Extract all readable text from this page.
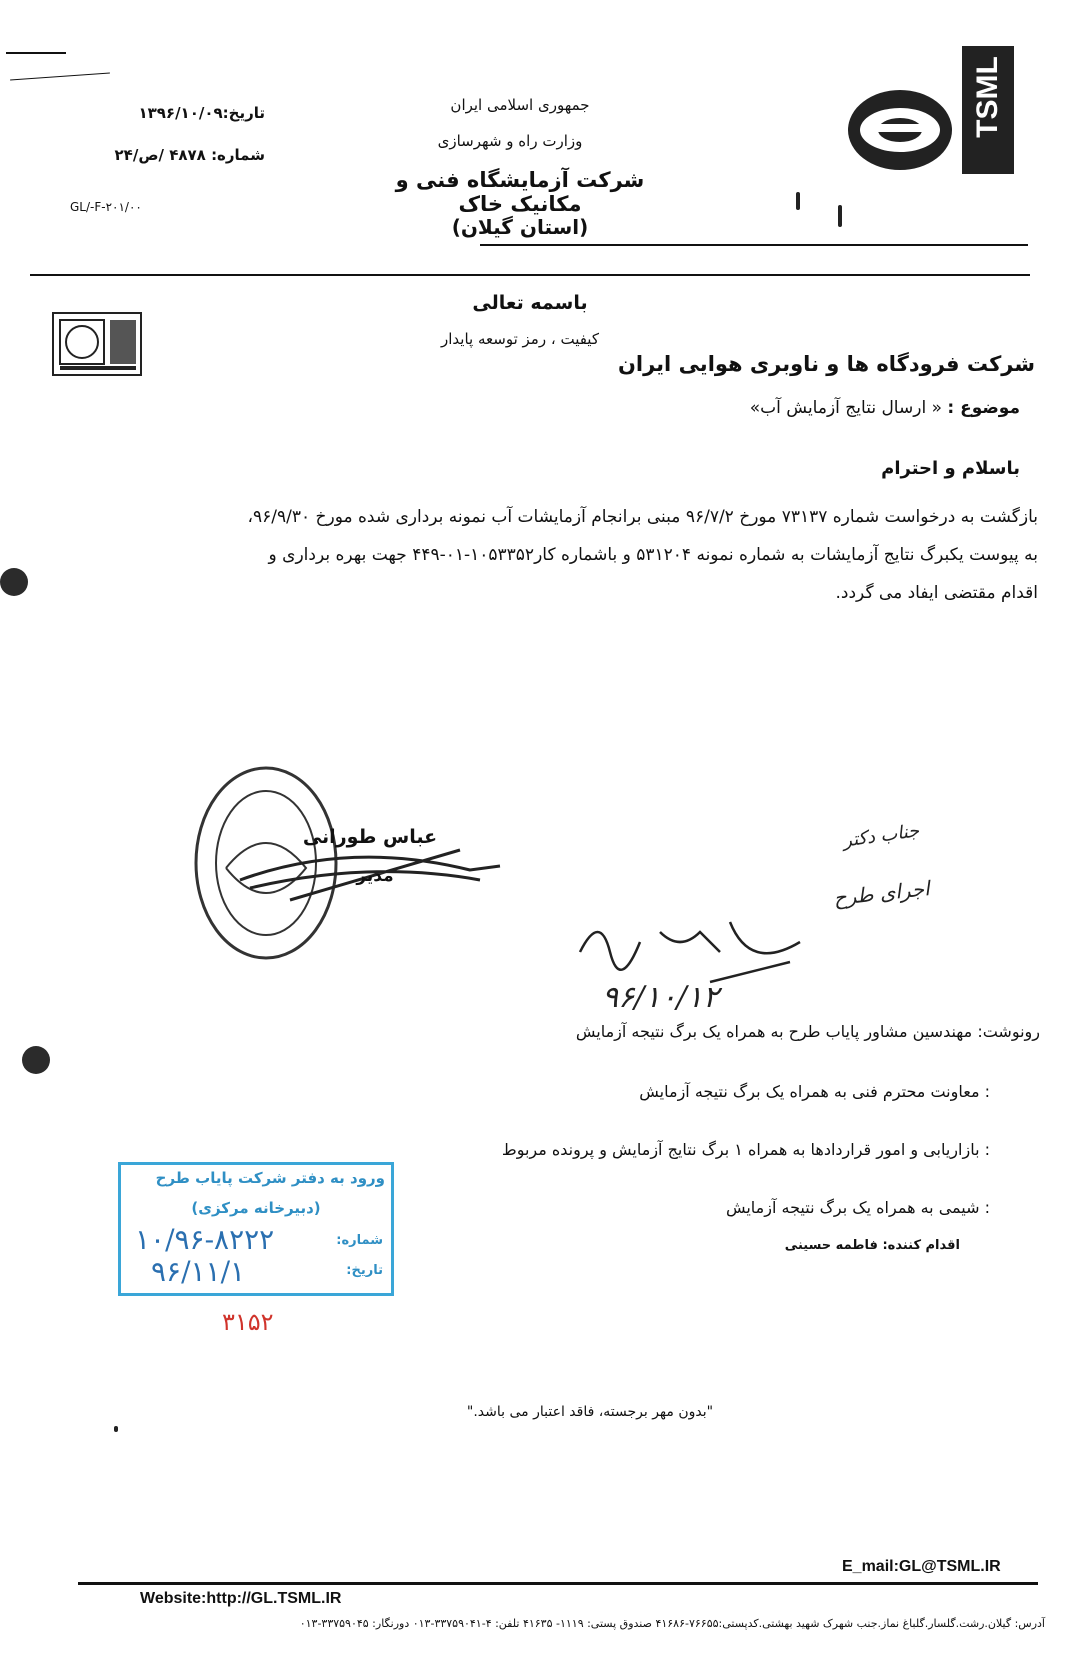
TSML
جمهوری اسلامی ایران
وزارت راه و شهرسازی
شرکت آزمایشگاه فنی و مکانیک خاک
(استان گیلان)
تاریخ:۱۳۹۶/۱۰/۰۹
شماره: ۴۸۷۸ /ص/۲۴
GL/-F-۲۰۱/۰۰
باسمه تعالی
کیفیت ، رمز توسعه پایدار
شرکت فرودگاه ها و ناوبری هوایی ایران
موضوع : « ارسال نتایج آزمایش آب»
باسلام و احترام
بازگشت به درخواست شماره ۷۳۱۳۷ مورخ ۹۶/۷/۲ مبنی برانجام آزمایشات آب نمونه برداری شده مورخ ۹۶/۹/۳۰،
به پیوست یکبرگ نتایج آزمایشات به شماره نمونه ۵۳۱۲۰۴ و باشماره کار۱۰۵۳۳۵۲-۰۱-۴۴۹ جهت بهره برداری و
اقدام مقتضی ایفاد می گردد.
عباس طورانی
مدیر
جناب دکتر
اجرای طرح
۹۶/۱۰/۱۲
رونوشت: مهندسین مشاور پایاب طرح به همراه یک برگ نتیجه آزمایش
: معاونت محترم فنی به همراه یک برگ نتیجه آزمایش
: بازاریابی و امور قراردادها به همراه ۱ برگ نتایج آزمایش و پرونده مربوط
: شیمی به همراه یک برگ نتیجه آزمایش
اقدام کننده: فاطمه حسینی
ورود به دفتر شرکت پایاب طرح
(دبیرخانه مرکزی)
شماره:
تاریخ:
۱۰/۹۶-۸۲۲۲
۹۶/۱۱/۱
۳۱۵۲
"بدون مهر برجسته، فاقد اعتبار می باشد."
E_mail:GL@TSML.IR
Website:http://GL.TSML.IR
آدرس: گیلان.رشت.گلسار.گلباغ نماز.جنب شهرک شهید بهشتی.کدپستی:۷۶۶۵۵-۴۱۶۸۶ صندوق پستی: ۱۱۱۹- ۴۱۶۳۵ تلفن: ۴-۳۳۷۵۹۰۴۱-۰۱۳ دورنگار: ۳۳۷۵۹۰۴۵-۰۱۳
